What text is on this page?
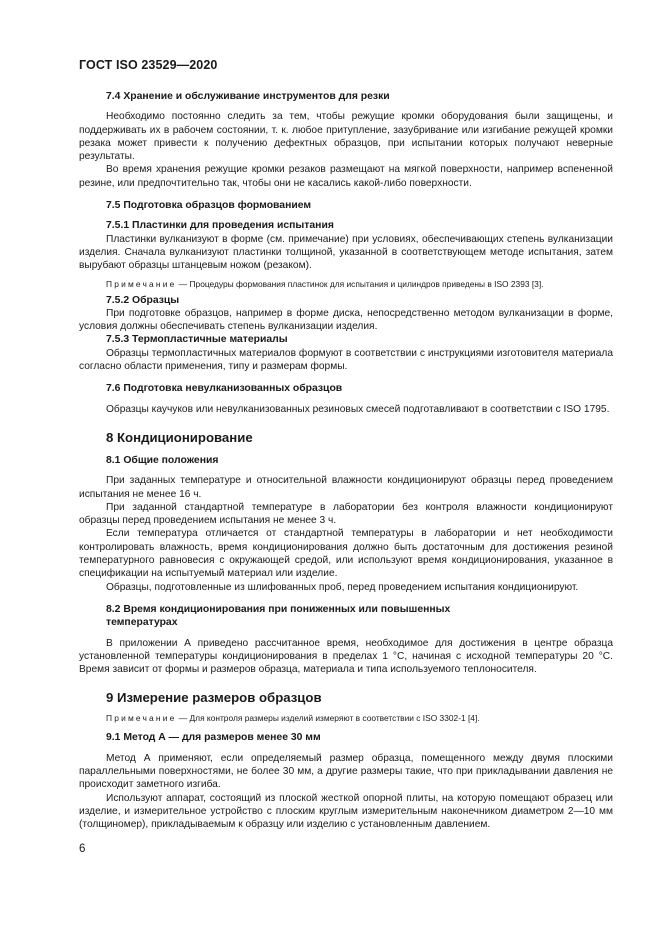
ГОСТ ISO 23529—2020
7.4 Хранение и обслуживание инструментов для резки

Необходимо постоянно следить за тем, чтобы режущие кромки оборудования были защищены, и поддерживать их в рабочем состоянии, т. к. любое притупление, зазубривание или изгибание режущей кромки резака может привести к получению дефектных образцов, при испытании которых получают неверные результаты.

Во время хранения режущие кромки резаков размещают на мягкой поверхности, например вспененной резине, или предпочтительно так, чтобы они не касались какой-либо поверхности.

7.5 Подготовка образцов формованием
7.5.1 Пластинки для проведения испытания

Пластинки вулканизуют в форме (см. примечание) при условиях, обеспечивающих степень вулканизации изделия. Сначала вулканизуют пластинки толщиной, указанной в соответствующем методе испытания, затем вырубают образцы штанцевым ножом (резаком).

Примечание — Процедуры формования пластинок для испытания и цилиндров приведены в ISO 2393 [3].
7.5.2 Образцы

При подготовке образцов, например в форме диска, непосредственно методом вулканизации в форме, условия должны обеспечивать степень вулканизации изделия.

7.5.3 Термопластичные материалы

Образцы термопластичных материалов формуют в соответствии с инструкциями изготовителя материала согласно области применения, типу и размерам формы.

7.6 Подготовка невулканизованных образцов

Образцы каучуков или невулканизованных резиновых смесей подготавливают в соответствии с ISO 1795.

8 Кондиционирование
8.1 Общие положения

При заданных температуре и относительной влажности кондиционируют образцы перед проведением испытания не менее 16 ч.

При заданной стандартной температуре в лаборатории без контроля влажности кондиционируют образцы перед проведением испытания не менее 3 ч.

Если температура отличается от стандартной температуры в лаборатории и нет необходимости контролировать влажность, время кондиционирования должно быть достаточным для достижения резиной температурного равновесия с окружающей средой, или используют время кондиционирования, указанное в спецификации на испытуемый материал или изделие.

Образцы, подготовленные из шлифованных проб, перед проведением испытания кондиционируют.

8.2 Время кондиционирования при пониженных или повышенных
температурах

В приложении А приведено рассчитанное время, необходимое для достижения в центре образца установленной температуры кондиционирования в пределах 1 °С, начиная с исходной температуры 20 °С. Время зависит от формы и размеров образца, материала и типа используемого теплоносителя.

9 Измерение размеров образцов
Примечание — Для контроля размеры изделий измеряют в соответствии с ISO 3302-1 [4].
9.1 Метод А — для размеров менее 30 мм

Метод А применяют, если определяемый размер образца, помещенного между двумя плоскими параллельными поверхностями, не более 30 мм, а другие размеры такие, что при прикладывании давления не происходит заметного изгиба.

Используют аппарат, состоящий из плоской жесткой опорной плиты, на которую помещают образец или изделие, и измерительное устройство с плоским круглым измерительным наконечником диаметром 2—10 мм (толщиномер), прикладываемым к образцу или изделию с установленным давлением.

6
